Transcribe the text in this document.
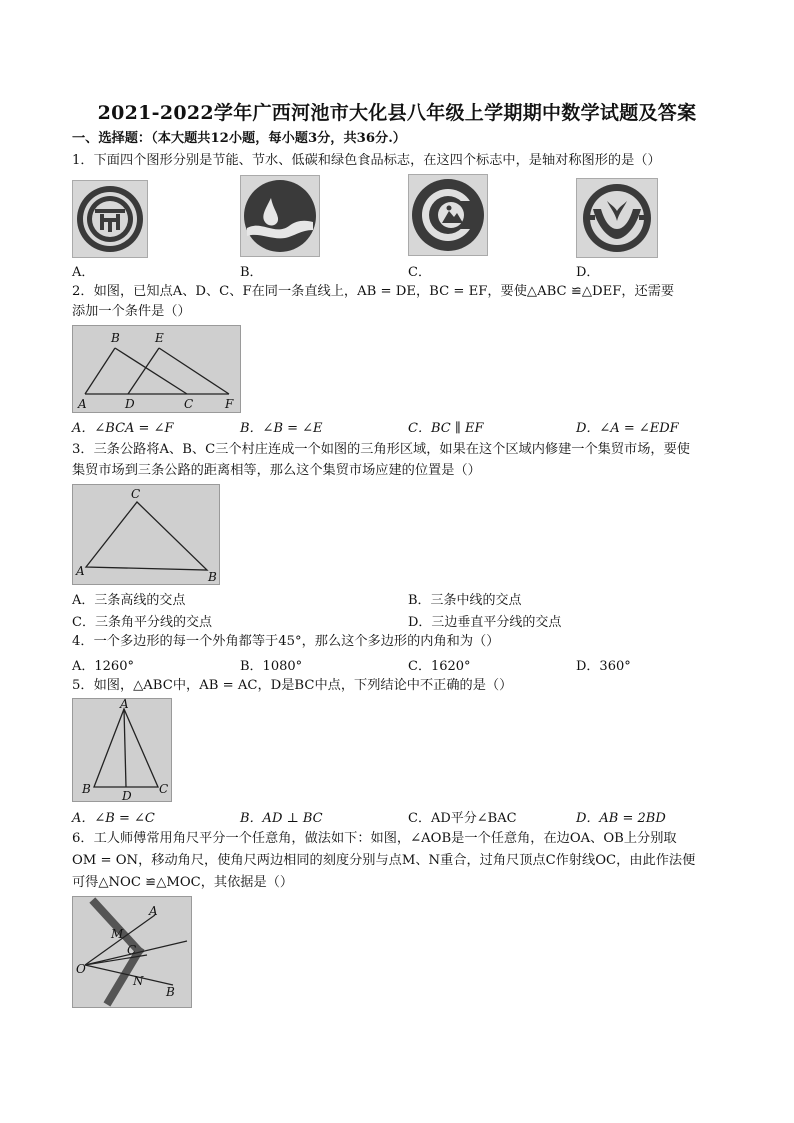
2021-2022学年广西河池市大化县八年级上学期期中数学试题及答案
一、选择题：（本大题共12小题，每小题3分，共36分.）
1．下面四个图形分别是节能、节水、低碳和绿色食品标志，在这四个标志中，是轴对称图形的是（）
A．	B．	C．	D．
2．如图，已知点A、D、C、F在同一条直线上，AB = DE，BC = EF，要使△ABC ≌△DEF，还需要
添加一个条件是（）
B	E
A	D	C	F
A．∠BCA = ∠F	B．∠B = ∠E	C．BC ∥ EF	D．∠A = ∠EDF
3．三条公路将A、B、C三个村庄连成一个如图的三角形区域，如果在这个区域内修建一个集贸市场，要使
集贸市场到三条公路的距离相等，那么这个集贸市场应建的位置是（）
C
A	B
A．三条高线的交点	B．三条中线的交点
C．三条角平分线的交点	D．三边垂直平分线的交点
4．一个多边形的每一个外角都等于45°，那么这个多边形的内角和为（）
A．1260°	B．1080°	C．1620°	D．360°
5．如图，△ABC中，AB = AC，D是BC中点，下列结论中不正确的是（）
A
B	D C
A．∠B = ∠C	B．AD ⊥ BC	C．AD平分∠BAC	D．AB = 2BD
6．工人师傅常用角尺平分一个任意角，做法如下：如图，∠AOB是一个任意角，在边OA、OB上分别取
OM = ON，移动角尺，使角尺两边相同的刻度分别与点M、N重合，过角尺顶点C作射线OC，由此作法便
可得△NOC ≌△MOC，其依据是（）
A
M
C
O
N
B
